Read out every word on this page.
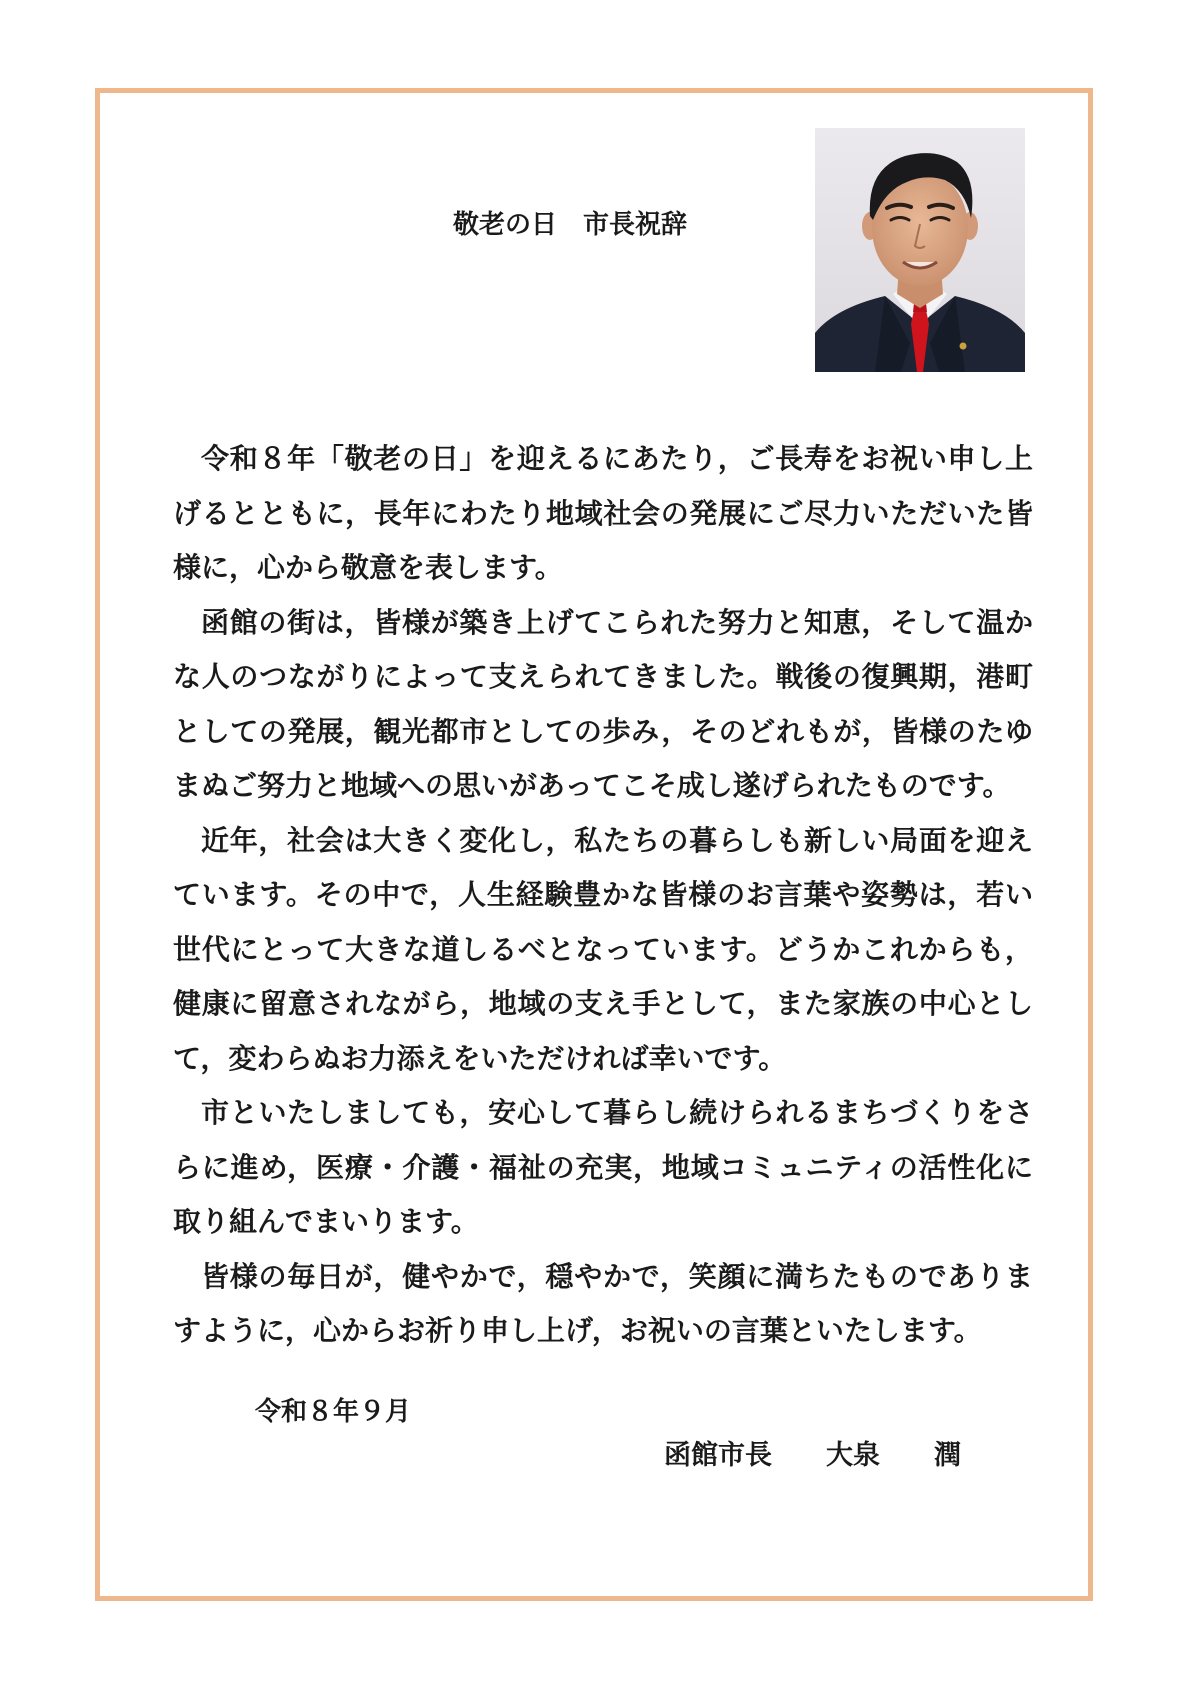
敬老の日　市長祝辞

令和８年「敬老の日」を迎えるにあたり，ご長寿をお祝い申し上げるとともに，長年にわたり地域社会の発展にご尽力いただいた皆様に，心から敬意を表します。

函館の街は，皆様が築き上げてこられた努力と知恵，そして温かな人のつながりによって支えられてきました。戦後の復興期，港町としての発展，観光都市としての歩み，そのどれもが，皆様のたゆまぬご努力と地域への思いがあってこそ成し遂げられたものです。

近年，社会は大きく変化し，私たちの暮らしも新しい局面を迎えています。その中で，人生経験豊かな皆様のお言葉や姿勢は，若い世代にとって大きな道しるべとなっています。どうかこれからも，健康に留意されながら，地域の支え手として，また家族の中心として，変わらぬお力添えをいただければ幸いです。

市といたしましても，安心して暮らし続けられるまちづくりをさらに進め，医療・介護・福祉の充実，地域コミュニティの活性化に取り組んでまいります。

皆様の毎日が，健やかで，穏やかで，笑顔に満ちたものでありますように，心からお祈り申し上げ，お祝いの言葉といたします。

令和８年９月
函館市長　　大泉　　潤
